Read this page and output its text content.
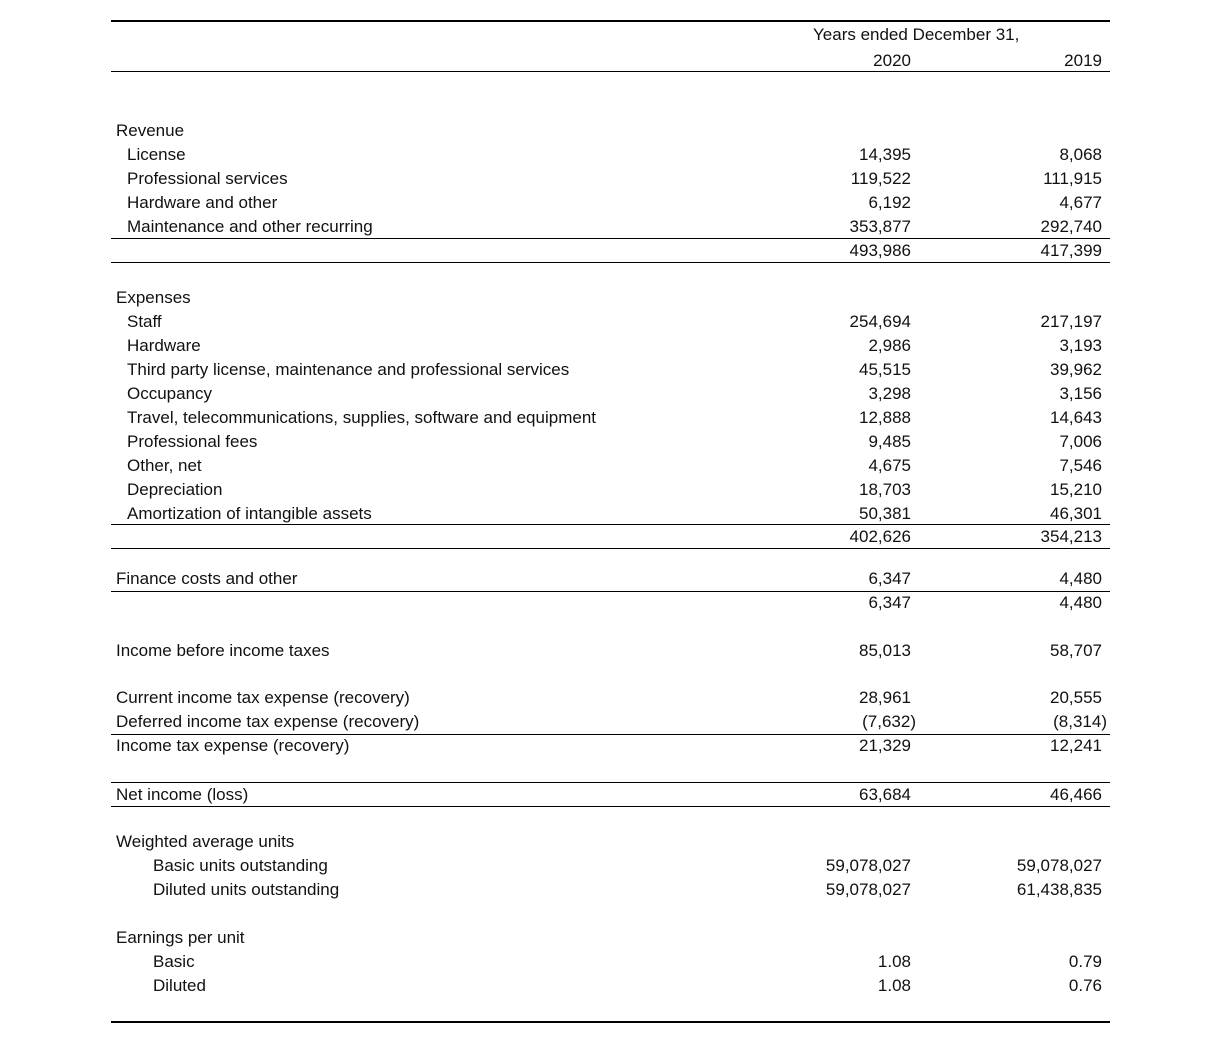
Years ended December 31,
2020	2019
Revenue
License	14,395	8,068
Professional services	119,522	111,915
Hardware and other	6,192	4,677
Maintenance and other recurring	353,877	292,740
493,986	417,399
Expenses
Staff	254,694	217,197
Hardware	2,986	3,193
Third party license, maintenance and professional services	45,515	39,962
Occupancy	3,298	3,156
Travel, telecommunications, supplies, software and equipment	12,888	14,643
Professional fees	9,485	7,006
Other, net	4,675	7,546
Depreciation	18,703	15,210
Amortization of intangible assets	50,381	46,301
402,626	354,213
Finance costs and other	6,347	4,480
6,347	4,480
Income before income taxes	85,013	58,707
Current income tax expense (recovery)	28,961	20,555
Deferred income tax expense (recovery)	(7,632)	(8,314)
Income tax expense (recovery)	21,329	12,241
Net income (loss)	63,684	46,466
Weighted average units
Basic units outstanding	59,078,027	59,078,027
Diluted units outstanding	59,078,027	61,438,835
Earnings per unit
Basic	1.08	0.79
Diluted	1.08	0.76
